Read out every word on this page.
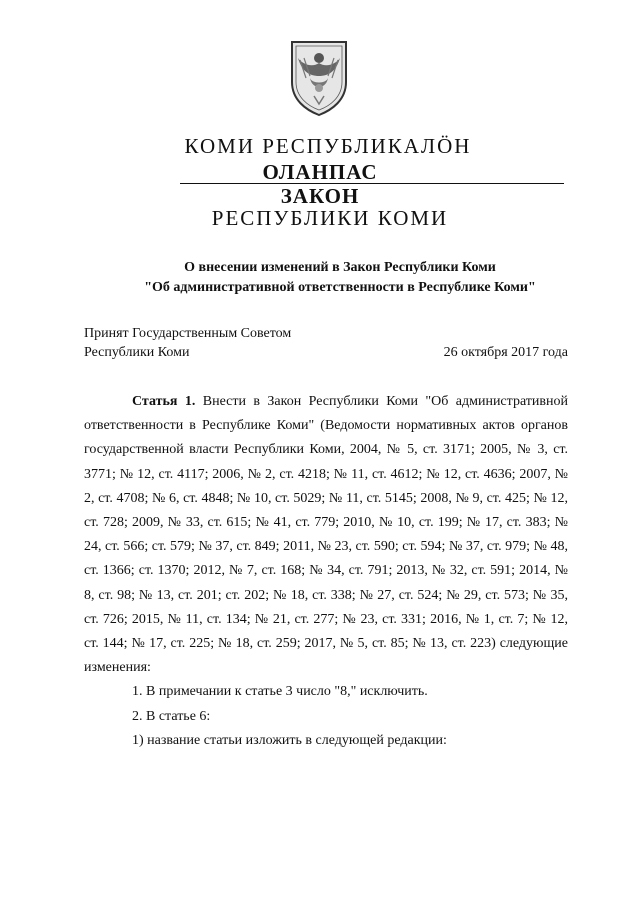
КОМИ РЕСПУБЛИКАЛӦН
ОЛАНПАС
ЗАКОН
РЕСПУБЛИКИ КОМИ
О внесении изменений в Закон Республики Коми
"Об административной ответственности в Республике Коми"
Принят Государственным Советом
Республики Коми	26 октября 2017 года

Статья 1. Внести в Закон Республики Коми "Об административной ответственности в Республике Коми" (Ведомости нормативных актов органов государственной власти Республики Коми, 2004, № 5, ст. 3171; 2005, № 3, ст. 3771; № 12, ст. 4117; 2006, № 2, ст. 4218; № 11, ст. 4612; № 12, ст. 4636; 2007, № 2, ст. 4708; № 6, ст. 4848; № 10, ст. 5029; № 11, ст. 5145; 2008, № 9, ст. 425; № 12, ст. 728; 2009, № 33, ст. 615; № 41, ст. 779; 2010, № 10, ст. 199; № 17, ст. 383; № 24, ст. 566; ст. 579; № 37, ст. 849; 2011, № 23, ст. 590; ст. 594; № 37, ст. 979; № 48, ст. 1366; ст. 1370; 2012, № 7, ст. 168; № 34, ст. 791; 2013, № 32, ст. 591; 2014, № 8, ст. 98; № 13, ст. 201; ст. 202; № 18, ст. 338; № 27, ст. 524; № 29, ст. 573; № 35, ст. 726; 2015, № 11, ст. 134; № 21, ст. 277; № 23, ст. 331; 2016, № 1, ст. 7; № 12, ст. 144; № 17, ст. 225; № 18, ст. 259; 2017, № 5, ст. 85; № 13, ст. 223) следующие изменения:

1. В примечании к статье 3 число "8," исключить.

2. В статье 6:

1) название статьи изложить в следующей редакции:
